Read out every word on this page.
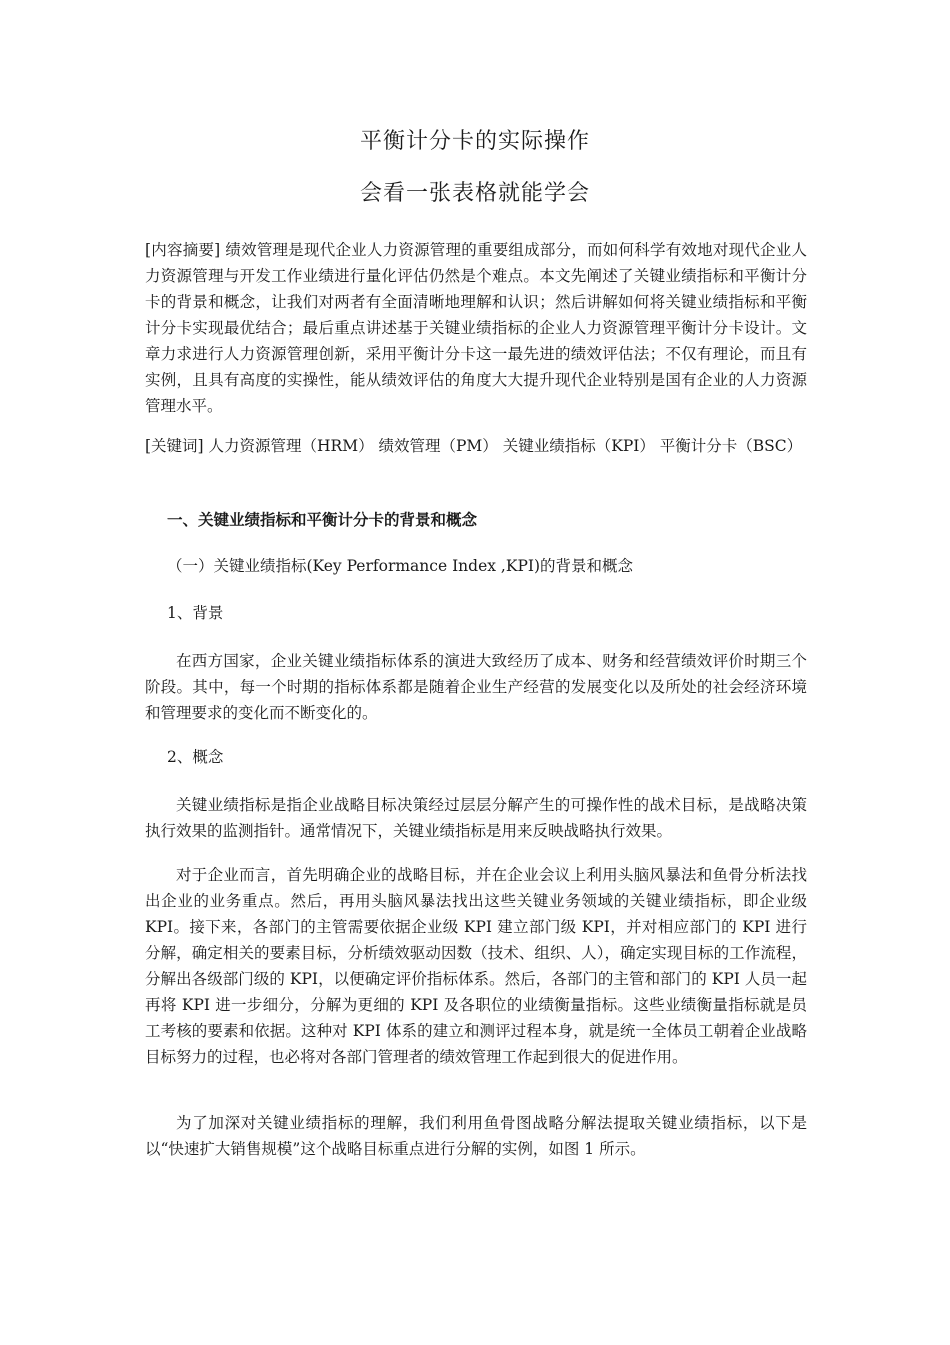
平衡计分卡的实际操作
会看一张表格就能学会

[内容摘要] 绩效管理是现代企业人力资源管理的重要组成部分，而如何科学有效地对现代企业人力资源管理与开发工作业绩进行量化评估仍然是个难点。本文先阐述了关键业绩指标和平衡计分卡的背景和概念，让我们对两者有全面清晰地理解和认识；然后讲解如何将关键业绩指标和平衡计分卡实现最优结合；最后重点讲述基于关键业绩指标的企业人力资源管理平衡计分卡设计。文章力求进行人力资源管理创新，采用平衡计分卡这一最先进的绩效评估法；不仅有理论，而且有实例，且具有高度的实操性，能从绩效评估的角度大大提升现代企业特别是国有企业的人力资源管理水平。

[关键词] 人力资源管理（HRM） 绩效管理（PM） 关键业绩指标（KPI） 平衡计分卡（BSC）

一、关键业绩指标和平衡计分卡的背景和概念

（一）关键业绩指标(Key Performance Index ,KPI)的背景和概念

1、背景

在西方国家，企业关键业绩指标体系的演进大致经历了成本、财务和经营绩效评价时期三个阶段。其中，每一个时期的指标体系都是随着企业生产经营的发展变化以及所处的社会经济环境和管理要求的变化而不断变化的。

2、概念

关键业绩指标是指企业战略目标决策经过层层分解产生的可操作性的战术目标，是战略决策执行效果的监测指针。通常情况下，关键业绩指标是用来反映战略执行效果。

对于企业而言，首先明确企业的战略目标，并在企业会议上利用头脑风暴法和鱼骨分析法找出企业的业务重点。然后，再用头脑风暴法找出这些关键业务领域的关键业绩指标，即企业级 KPI。接下来，各部门的主管需要依据企业级 KPI 建立部门级 KPI，并对相应部门的 KPI 进行分解，确定相关的要素目标，分析绩效驱动因数（技术、组织、人），确定实现目标的工作流程，分解出各级部门级的 KPI，以便确定评价指标体系。然后，各部门的主管和部门的 KPI 人员一起再将 KPI 进一步细分，分解为更细的 KPI 及各职位的业绩衡量指标。这些业绩衡量指标就是员工考核的要素和依据。这种对 KPI 体系的建立和测评过程本身，就是统一全体员工朝着企业战略目标努力的过程，也必将对各部门管理者的绩效管理工作起到很大的促进作用。

为了加深对关键业绩指标的理解，我们利用鱼骨图战略分解法提取关键业绩指标，以下是以“快速扩大销售规模”这个战略目标重点进行分解的实例，如图 1 所示。
